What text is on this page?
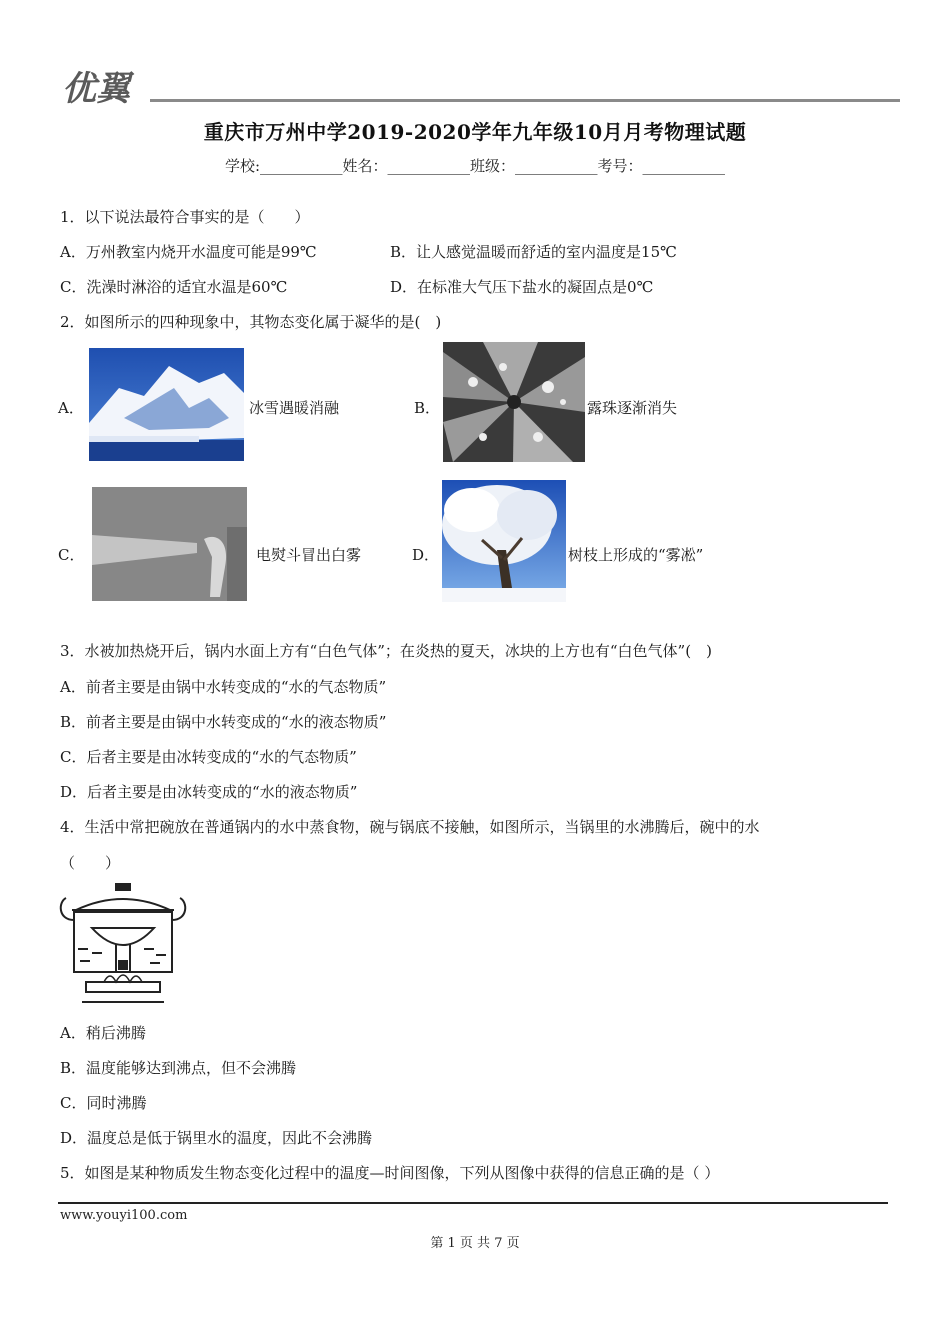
优翼
重庆市万州中学2019-2020学年九年级10月月考物理试题
学校:___________姓名：___________班级：___________考号：___________
1．以下说法最符合事实的是（　　）
A．万州教室内烧开水温度可能是99℃	B．让人感觉温暖而舒适的室内温度是15℃
C．洗澡时淋浴的适宜水温是60℃	D．在标准大气压下盐水的凝固点是0℃
2．如图所示的四种现象中，其物态变化属于凝华的是(　)
A．	冰雪遇暖消融	B．	露珠逐渐消失
C．	电熨斗冒出白雾	D．	树枝上形成的“雾凇”
3．水被加热烧开后，锅内水面上方有“白色气体”；在炎热的夏天，冰块的上方也有“白色气体”(　)
A．前者主要是由锅中水转变成的“水的气态物质”
B．前者主要是由锅中水转变成的“水的液态物质”
C．后者主要是由冰转变成的“水的气态物质”
D．后者主要是由冰转变成的“水的液态物质”
4．生活中常把碗放在普通锅内的水中蒸食物，碗与锅底不接触，如图所示，当锅里的水沸腾后，碗中的水
（　　）
A．稍后沸腾
B．温度能够达到沸点，但不会沸腾
C．同时沸腾
D．温度总是低于锅里水的温度，因此不会沸腾
5．如图是某种物质发生物态变化过程中的温度—时间图像，下列从图像中获得的信息正确的是（ ）
www.youyi100.com
第 1 页 共 7 页
